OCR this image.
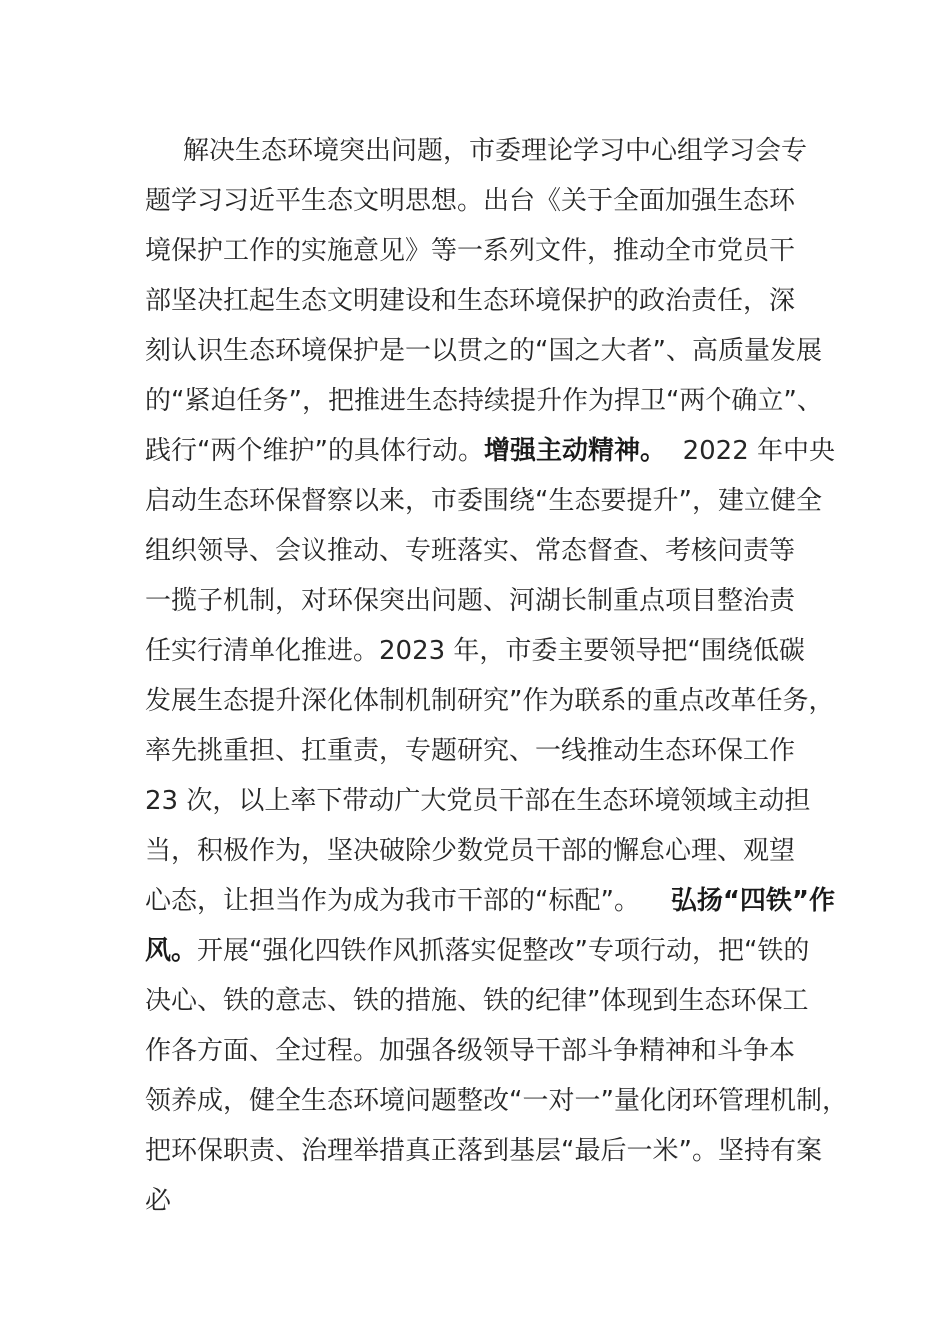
解决生态环境突出问题，市委理论学习中心组学习会专
题学习习近平生态文明思想。出台《关于全面加强生态环
境保护工作的实施意见》等一系列文件，推动全市党员干
部坚决扛起生态文明建设和生态环境保护的政治责任，深
刻认识生态环境保护是一以贯之的“国之大者”、高质量发展
的“紧迫任务”，把推进生态持续提升作为捍卫“两个确立”、
践行“两个维护”的具体行动。 增强主动精神。 2022 年中央
启动生态环保督察以来，市委围绕“生态要提升”，建立健全
组织领导、会议推动、专班落实、常态督查、考核问责等
一揽子机制，对环保突出问题、河湖长制重点项目整治责
任实行清单化推进。2023 年，市委主要领导把“围绕低碳
发展生态提升深化体制机制研究”作为联系的重点改革任务，
率先挑重担、扛重责，专题研究、一线推动生态环保工作
23 次，以上率下带动广大党员干部在生态环境领域主动担
当，积极作为，坚决破除少数党员干部的懈怠心理、观望
心态，让担当作为成为我市干部的“标配”。 弘扬“四铁”作
风。 开展“强化四铁作风抓落实促整改”专项行动，把“铁的
决心、铁的意志、铁的措施、铁的纪律”体现到生态环保工
作各方面、全过程。加强各级领导干部斗争精神和斗争本
领养成，健全生态环境问题整改“一对一”量化闭环管理机制，
把环保职责、治理举措真正落到基层“最后一米”。坚持有案
必
